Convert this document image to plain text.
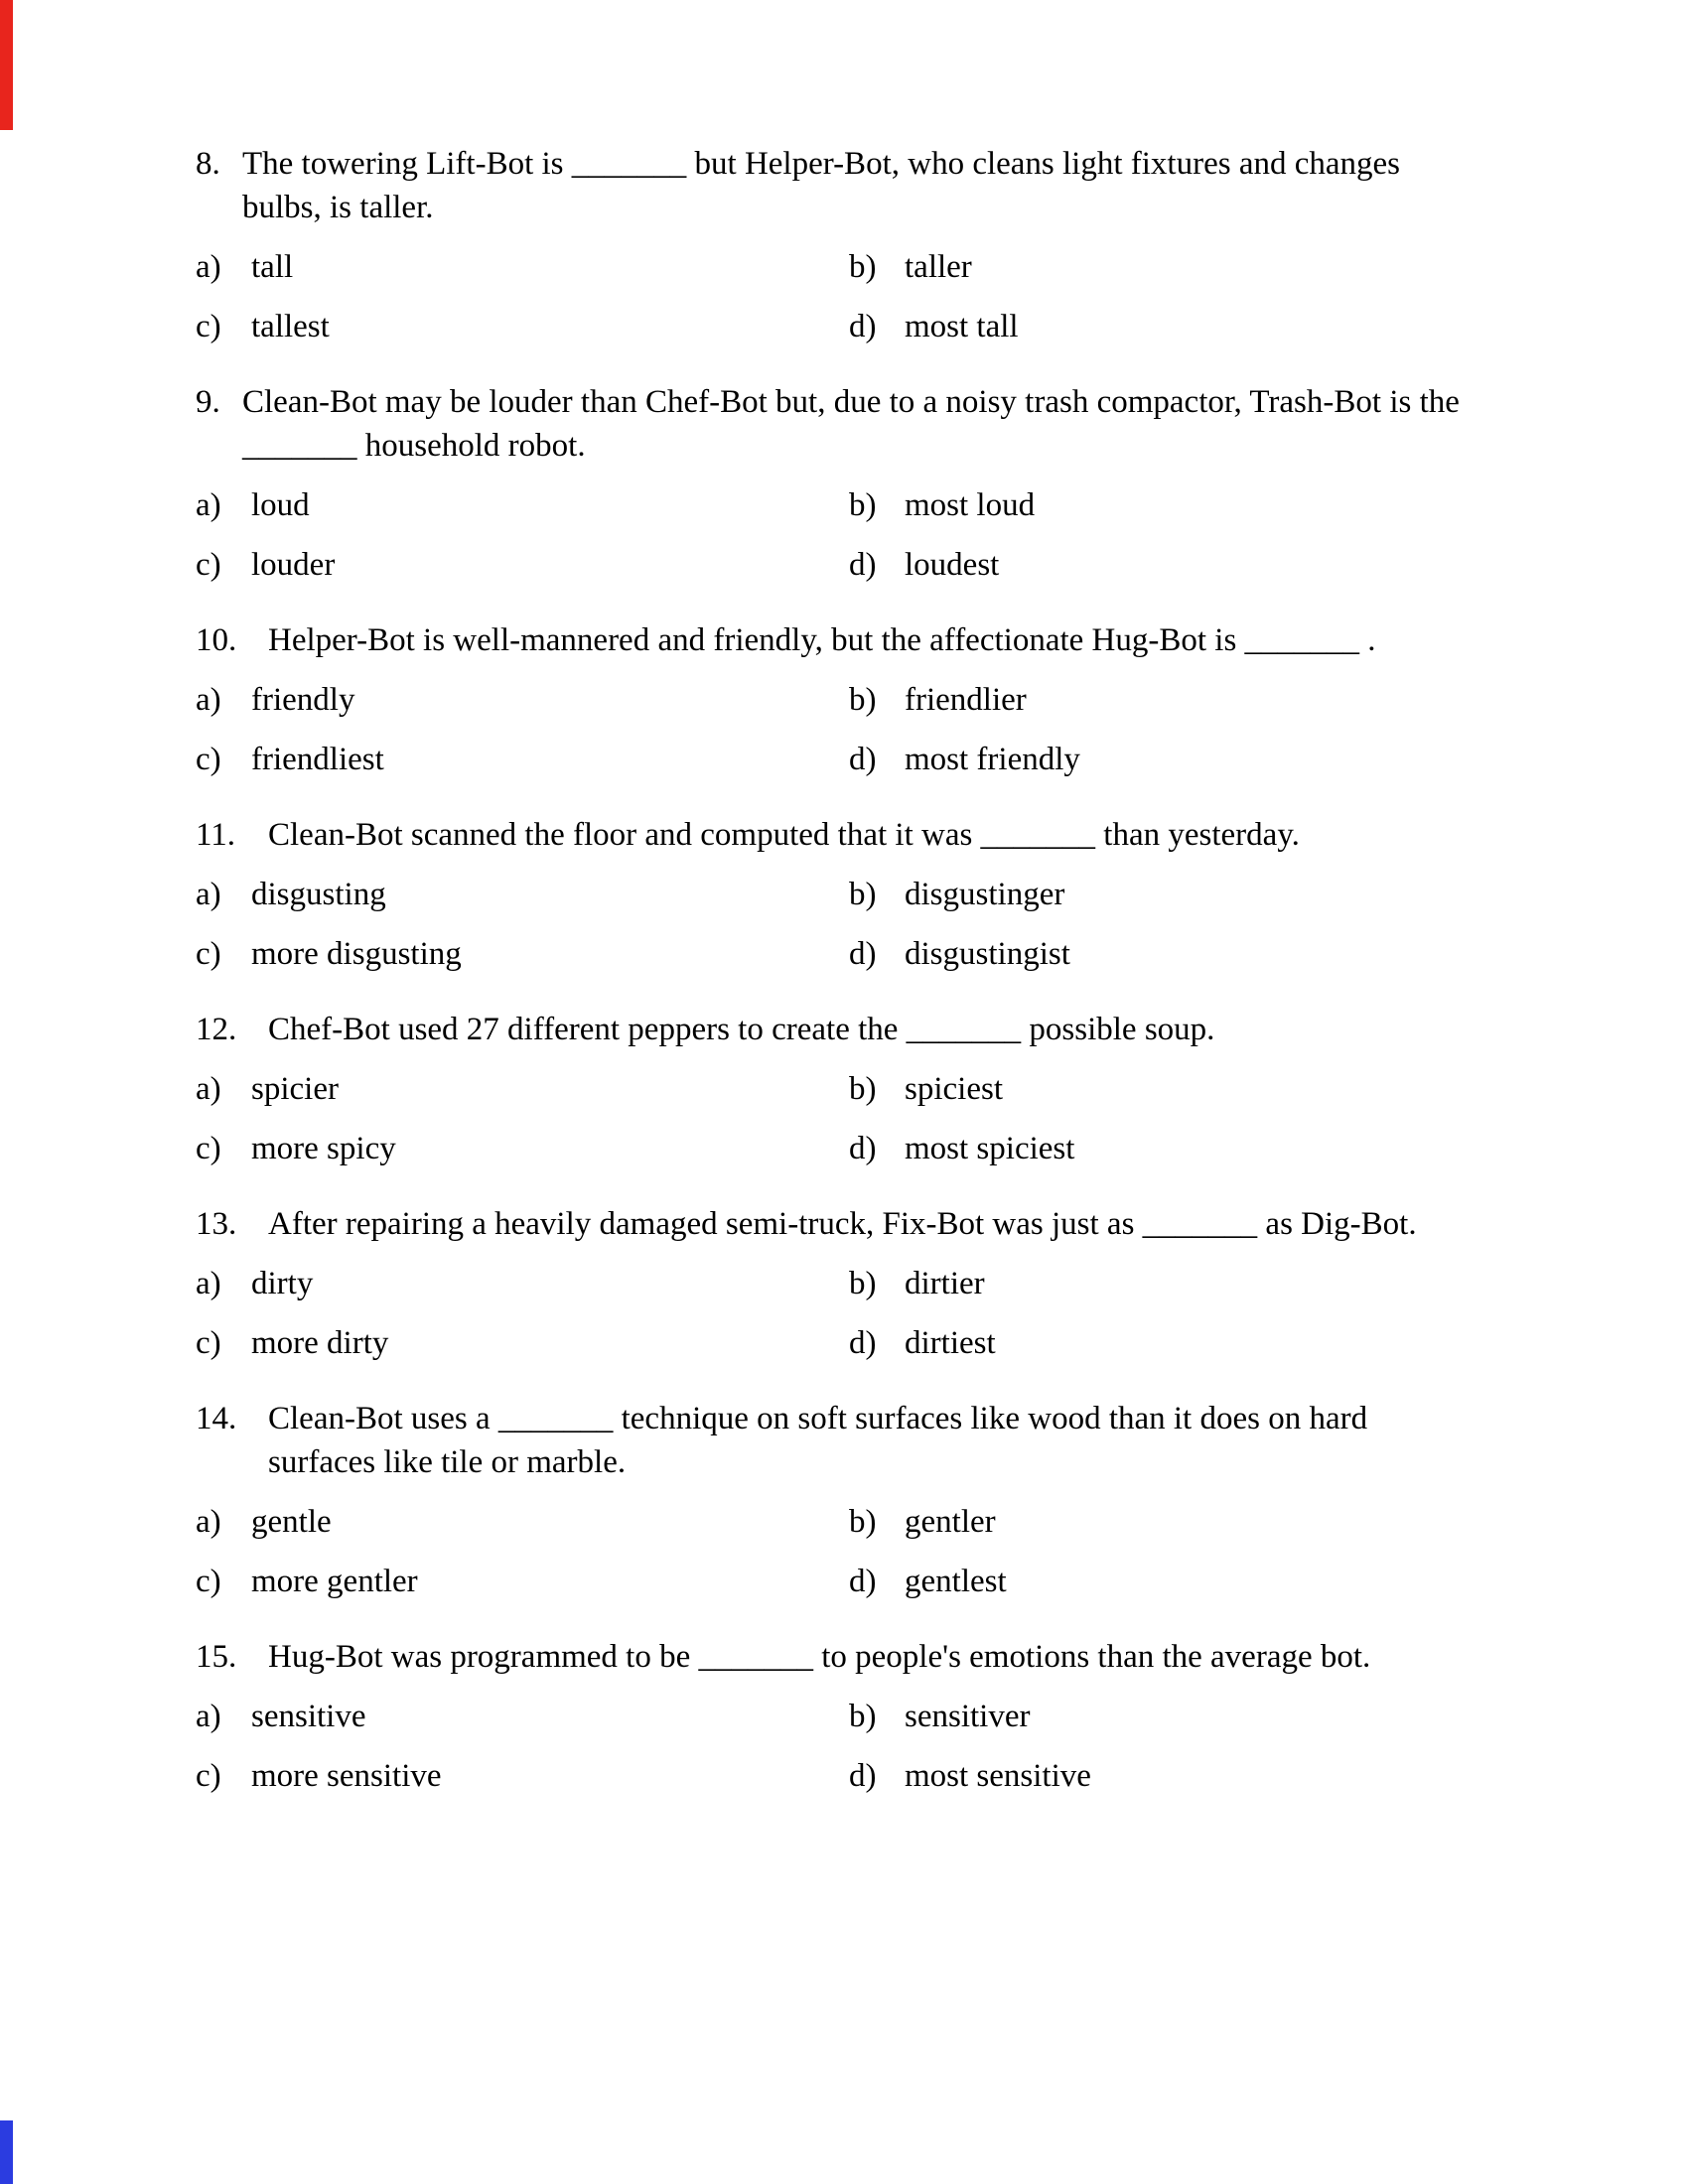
8. The towering Lift-Bot is _______ but Helper-Bot, who cleans light fixtures and changes
bulbs, is taller.
a) tall	b) taller
c) tallest	d) most tall
9. Clean-Bot may be louder than Chef-Bot but, due to a noisy trash compactor, Trash-Bot is the
_______ household robot.
a) loud	b) most loud
c) louder	d) loudest
10. Helper-Bot is well-mannered and friendly, but the affectionate Hug-Bot is _______ .
a) friendly	b) friendlier
c) friendliest	d) most friendly
11. Clean-Bot scanned the floor and computed that it was _______ than yesterday.
a) disgusting	b) disgustinger
c) more disgusting	d) disgustingist
12. Chef-Bot used 27 different peppers to create the _______ possible soup.
a) spicier	b) spiciest
c) more spicy	d) most spiciest
13. After repairing a heavily damaged semi-truck, Fix-Bot was just as _______ as Dig-Bot.
a) dirty	b) dirtier
c) more dirty	d) dirtiest
14. Clean-Bot uses a _______ technique on soft surfaces like wood than it does on hard
surfaces like tile or marble.
a) gentle	b) gentler
c) more gentler	d) gentlest
15. Hug-Bot was programmed to be _______ to people's emotions than the average bot.
a) sensitive	b) sensitiver
c) more sensitive	d) most sensitive
